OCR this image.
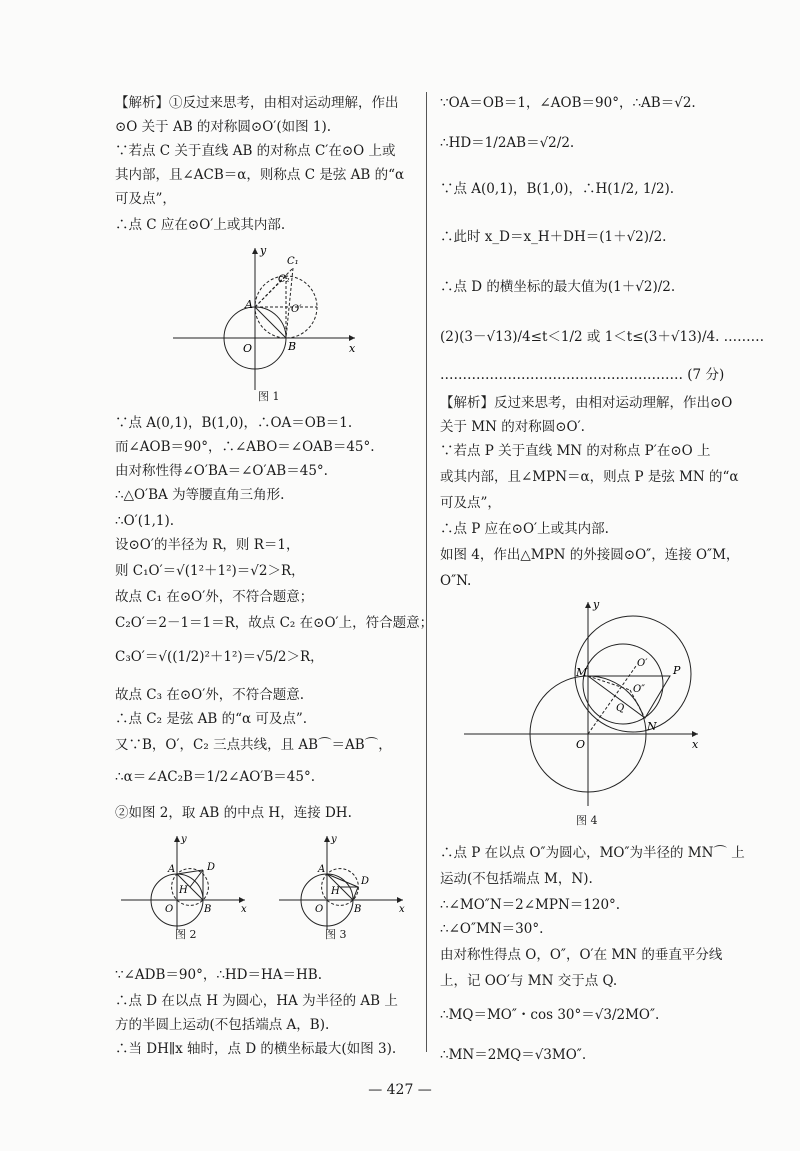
【解析】①反过来思考，由相对运动理解，作出
⊙O 关于 AB 的对称圆⊙O′(如图 1).
∵若点 C 关于直线 AB 的对称点 C′在⊙O 上或
其内部，且∠ACB＝α，则称点 C 是弦 AB 的“α
可及点”，
∴点 C 应在⊙O′上或其内部.
y
x
O	B
A
C₁
C₂
O′
图 1
∵点 A(0,1)，B(1,0)，∴OA＝OB＝1.
而∠AOB＝90°，∴∠ABO＝∠OAB＝45°.
由对称性得∠O′BA＝∠O′AB＝45°.
∴△O′BA 为等腰直角三角形.
∴O′(1,1).
设⊙O′的半径为 R，则 R＝1，
则 C₁O′＝√(1²＋1²)＝√2＞R，
故点 C₁ 在⊙O′外，不符合题意；
C₂O′＝2－1＝1＝R，故点 C₂ 在⊙O′上，符合题意；
C₃O′＝√((1/2)²＋1²)＝√5/2＞R，
故点 C₃ 在⊙O′外，不符合题意.
∴点 C₂ 是弦 AB 的“α 可及点”.
又∵B，O′，C₂ 三点共线，且 AB⌒＝AB⌒，
∴α＝∠AC₂B＝1/2∠AO′B＝45°.
②如图 2，取 AB 的中点 H，连接 DH.
y
x
O	B
A
H
D
图 2
y
x
O	B
A
H
D
图 3
∵∠ADB＝90°，∴HD＝HA＝HB.
∴点 D 在以点 H 为圆心，HA 为半径的 AB 上
方的半圆上运动(不包括端点 A，B).
∴当 DH∥x 轴时，点 D 的横坐标最大(如图 3).
∵OA＝OB＝1，∠AOB＝90°，∴AB＝√2.
∴HD＝1/2AB＝√2/2.
∵点 A(0,1)，B(1,0)，∴H(1/2, 1/2).
∴此时 x_D＝x_H＋DH＝(1＋√2)/2.
∴点 D 的横坐标的最大值为(1＋√2)/2.
(2)(3－√13)/4≤t＜1/2 或 1＜t≤(3＋√13)/4. ………
……………………………………………… (7 分)
【解析】反过来思考，由相对运动理解，作出⊙O
关于 MN 的对称圆⊙O′.
∵若点 P 关于直线 MN 的对称点 P′在⊙O 上
或其内部，且∠MPN＝α，则点 P 是弦 MN 的“α
可及点”，
∴点 P 应在⊙O′上或其内部.
如图 4，作出△MPN 的外接圆⊙O″，连接 O″M，
O″N.
y
x
O
N
M	P
Q
O′
O″
图 4
∴点 P 在以点 O″为圆心，MO″为半径的 MN⌒ 上
运动(不包括端点 M，N).
∴∠MO″N＝2∠MPN＝120°.
∴∠O″MN＝30°.
由对称性得点 O，O″，O′在 MN 的垂直平分线
上，记 OO′与 MN 交于点 Q.
∴MQ＝MO″・cos 30°＝√3/2MO″.
∴MN＝2MQ＝√3MO″.
— 427 —
